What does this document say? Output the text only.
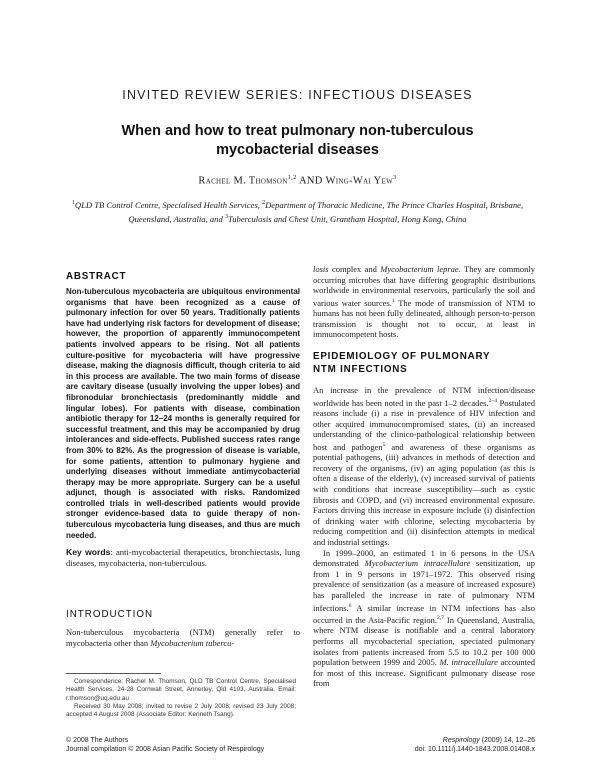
INVITED REVIEW SERIES: INFECTIOUS DISEASES
When and how to treat pulmonary non-tuberculous
mycobacterial diseases
Rachel M. Thomson$^{1,2}$ AND Wing-Wai Yew$^3$
$^1$QLD TB Control Centre, Specialised Health Services, $^2$Department of Thoracic Medicine, The Prince Charles Hospital, Brisbane, Queensland, Australia, and $^3$Tuberculosis and Chest Unit, Grantham Hospital, Hong Kong, China
ABSTRACT
Non-tuberculous mycobacteria are ubiquitous environmental organisms that have been recognized as a cause of pulmonary infection for over 50 years. Traditionally patients have had underlying risk factors for development of disease; however, the proportion of apparently immunocompetent patients involved appears to be rising. Not all patients culture-positive for mycobacteria will have progressive disease, making the diagnosis difficult, though criteria to aid in this process are available. The two main forms of disease are cavitary disease (usually involving the upper lobes) and fibronodular bronchiectasis (predominantly middle and lingular lobes). For patients with disease, combination antibiotic therapy for 12–24 months is generally required for successful treatment, and this may be accompanied by drug intolerances and side-effects. Published success rates range from 30% to 82%. As the progression of disease is variable, for some patients, attention to pulmonary hygiene and underlying diseases without immediate antimycobacterial therapy may be more appropriate. Surgery can be a useful adjunct, though is associated with risks. Randomized controlled trials in well-described patients would provide stronger evidence-based data to guide therapy of non-tuberculous mycobacteria lung diseases, and thus are much needed.
Key words: anti-mycobacterial therapeutics, bronchiectasis, lung diseases, mycobacteria, non-tuberculous.
INTRODUCTION

Non-tuberculous mycobacteria (NTM) generally refer to mycobacteria other than Mycobacterium tubercu-

Correspondence: Rachel M. Thomson, QLD TB Control Centre, Specialised Health Services, 24-28 Cornwall Street, Annerley, Qld 4103, Australia. Email: r.thomson@uq.edu.au

Received 30 May 2008; invited to revise 2 July 2008; revised 23 July 2008; accepted 4 August 2008 (Associate Editor: Kenneth Tsang).

losis complex and Mycobacterium leprae. They are commonly occurring microbes that have differing geographic distributions worldwide in environmental reservoirs, particularly the soil and various water sources.$^1$ The mode of transmission of NTM to humans has not been fully delineated, although person-to-person transmission is thought not to occur, at least in immunocompetent hosts.

EPIDEMIOLOGY OF PULMONARY
NTM INFECTIONS

An increase in the prevalence of NTM infection/disease worldwide has been noted in the past 1–2 decades.$^{2-4}$ Postulated reasons include (i) a rise in prevalence of HIV infection and other acquired immunocompromised states, (ii) an increased understanding of the clinico-pathological relationship between host and pathogen$^5$ and awareness of these organisms as potential pathogens, (iii) advances in methods of detection and recovery of the organisms, (iv) an aging population (as this is often a disease of the elderly), (v) increased survival of patients with conditions that increase susceptibility—such as cystic fibrosis and COPD, and (vi) increased environmental exposure. Factors driving this increase in exposure include (i) disinfection of drinking water with chlorine, selecting mycobacteria by reducing competition and (ii) disinfection attempts in medical and industrial settings.

In 1999–2000, an estimated 1 in 6 persons in the USA demonstrated Mycobacterium intracellulare sensitization, up from 1 in 9 persons in 1971–1972. This observed rising prevalence of sensitization (as a measure of increased exposure) has paralleled the increase in rate of pulmonary NTM infections.$^6$ A similar increase in NTM infections has also occurred in the Asia-Pacific region.$^{2,7}$ In Queensland, Australia, where NTM disease is notifiable and a central laboratory performs all mycobacterial speciation, speciated pulmonary isolates from patients increased from 5.5 to 10.2 per 100 000 population between 1999 and 2005. M. intracellulare accounted for most of this increase. Significant pulmonary disease rose from

© 2008 The Authors
Journal compilation © 2008 Asian Pacific Society of Respirology
Respirology (2009) 14, 12–26
doi: 10.1111/j.1440-1843.2008.01408.x
